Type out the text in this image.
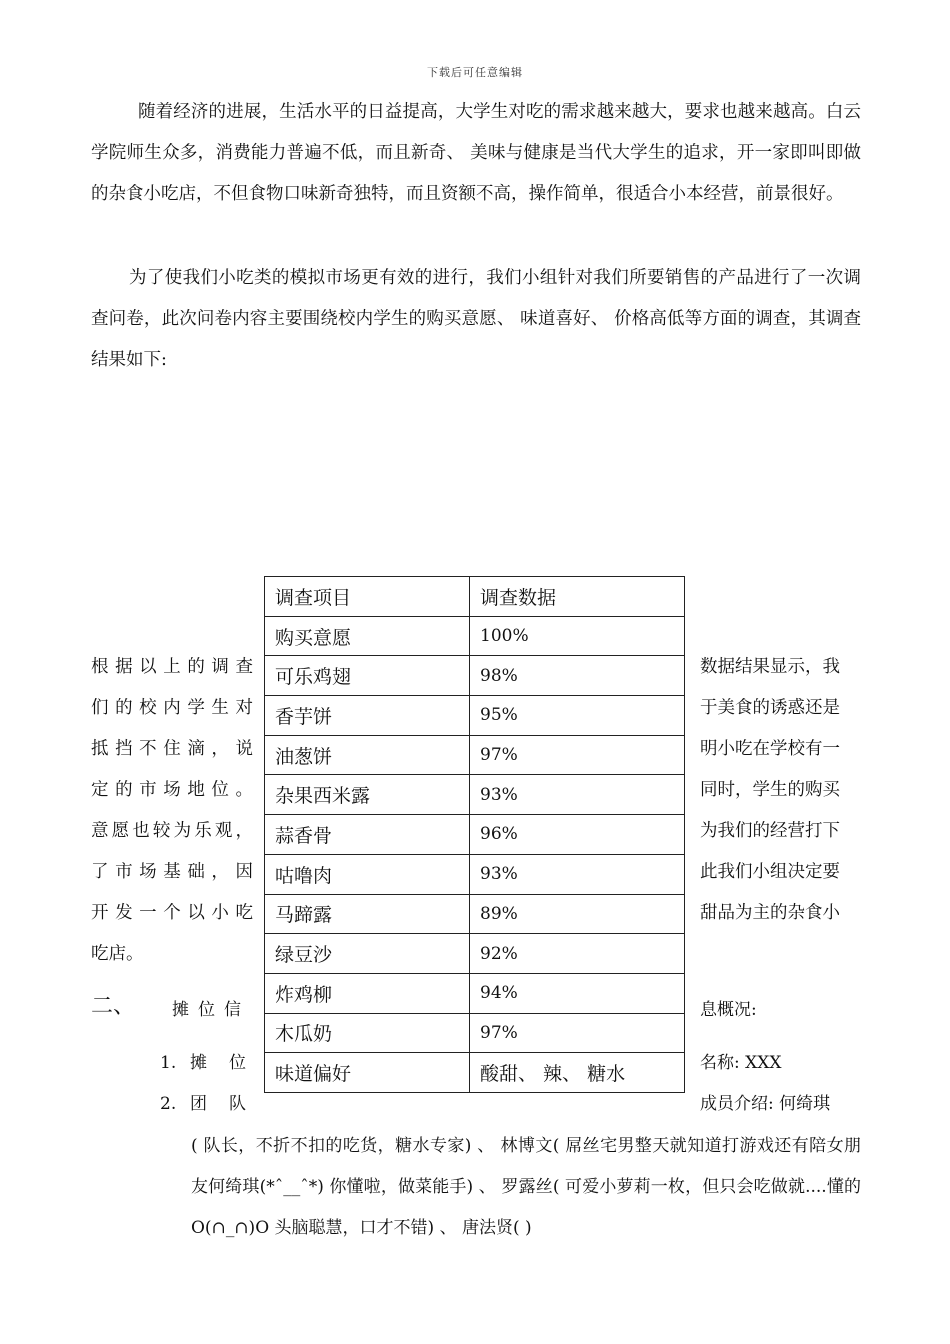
下载后可任意编辑

随着经济的进展，生活水平的日益提高，大学生对吃的需求越来越大，要求也越来越高。白云学院师生众多，消费能力普遍不低，而且新奇、 美味与健康是当代大学生的追求，开一家即叫即做的杂食小吃店，不但食物口味新奇独特，而且资额不高，操作简单，很适合小本经营，前景很好。

为了使我们小吃类的模拟市场更有效的进行，我们小组针对我们所要销售的产品进行了一次调查问卷，此次问卷内容主要围绕校内学生的购买意愿、 味道喜好、 价格高低等方面的调查，其调查结果如下:

根据以上的调查
们的校内学生对
抵挡不住滴，说
定的市场地位。
意愿也较为乐观，
了市场基础，因
开发一个以小吃
吃店。
数据结果显示，我
于美食的诱惑还是
明小吃在学校有一
同时，学生的购买
为我们的经营打下
此我们小组决定要
甜品为主的杂食小
调查项目	调查数据
购买意愿	100%
可乐鸡翅	98%
香芋饼	95%
油葱饼	97%
杂果西米露	93%
蒜香骨	96%
咕噜肉	93%
马蹄露	89%
绿豆沙	92%
炸鸡柳	94%
木瓜奶	97%
味道偏好	酸甜、 辣、 糖水
二、 摊位信	息概况:
1. 摊位	名称: XXX
2. 团队	成员介绍: 何绮琪

( 队长，不折不扣的吃货，糖水专家) 、 林博文( 屌丝宅男整天就知道打游戏还有陪女朋友何绮琪(*ˆ__ˆ*) 你懂啦，做菜能手) 、 罗露丝( 可爱小萝莉一枚，但只会吃做就....懂的 O(∩_∩)O 头脑聪慧，口才不错) 、 唐法贤( )
